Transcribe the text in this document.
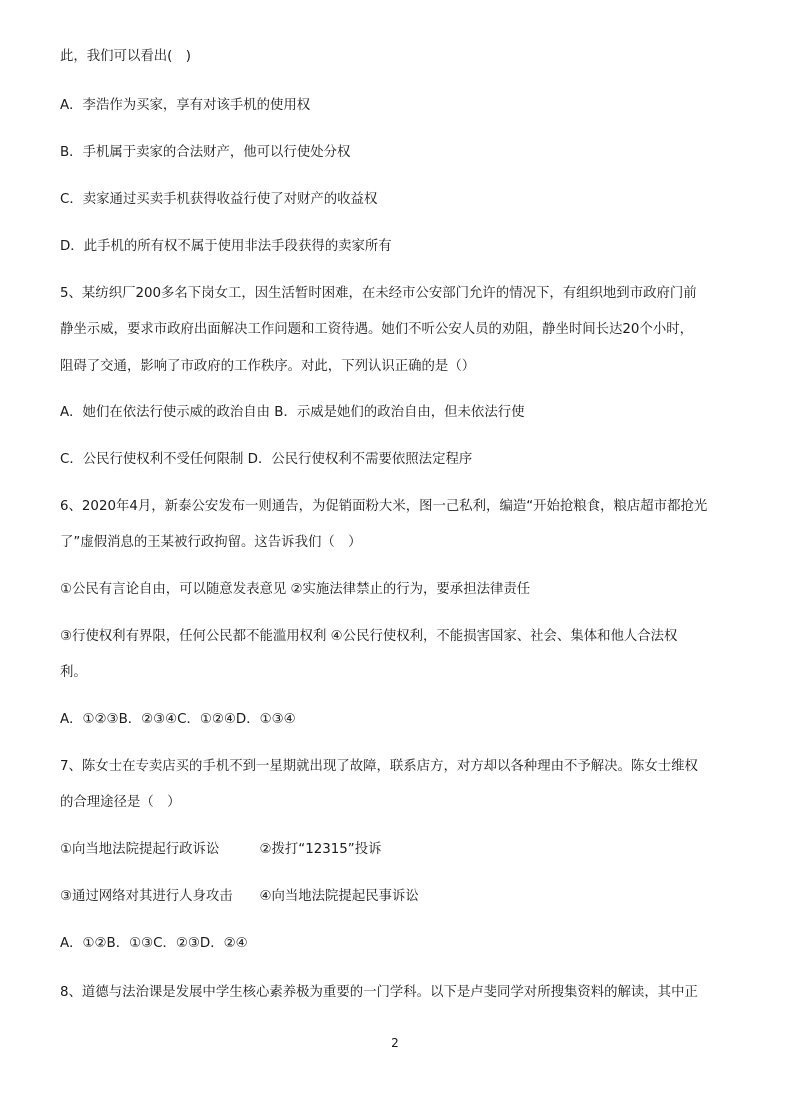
此，我们可以看出(　)
A．李浩作为买家，享有对该手机的使用权
B．手机属于卖家的合法财产，他可以行使处分权
C．卖家通过买卖手机获得收益行使了对财产的收益权
D．此手机的所有权不属于使用非法手段获得的卖家所有
5、某纺织厂200多名下岗女工，因生活暂时困难，在未经市公安部门允许的情况下，有组织地到市政府门前
静坐示威，要求市政府出面解决工作问题和工资待遇。她们不听公安人员的劝阻，静坐时间长达20个小时，
阻碍了交通，影响了市政府的工作秩序。对此，下列认识正确的是（）
A．她们在依法行使示威的政治自由 B．示威是她们的政治自由，但未依法行使
C．公民行使权利不受任何限制 D．公民行使权利不需要依照法定程序
6、2020年4月，新泰公安发布一则通告，为促销面粉大米，图一己私利，编造“开始抢粮食，粮店超市都抢光
了”虚假消息的王某被行政拘留。这告诉我们（　）
①公民有言论自由，可以随意发表意见 ②实施法律禁止的行为，要承担法律责任
③行使权利有界限，任何公民都不能滥用权利 ④公民行使权利，不能损害国家、社会、集体和他人合法权
利。
A．①②③B．②③④C．①②④D．①③④
7、陈女士在专卖店买的手机不到一星期就出现了故障，联系店方，对方却以各种理由不予解决。陈女士维权
的合理途径是（　）
①向当地法院提起行政诉讼　　　②拨打“12315”投诉
③通过网络对其进行人身攻击　　④向当地法院提起民事诉讼
A．①②B．①③C．②③D．②④
8、道德与法治课是发展中学生核心素养极为重要的一门学科。以下是卢斐同学对所搜集资料的解读，其中正
2
